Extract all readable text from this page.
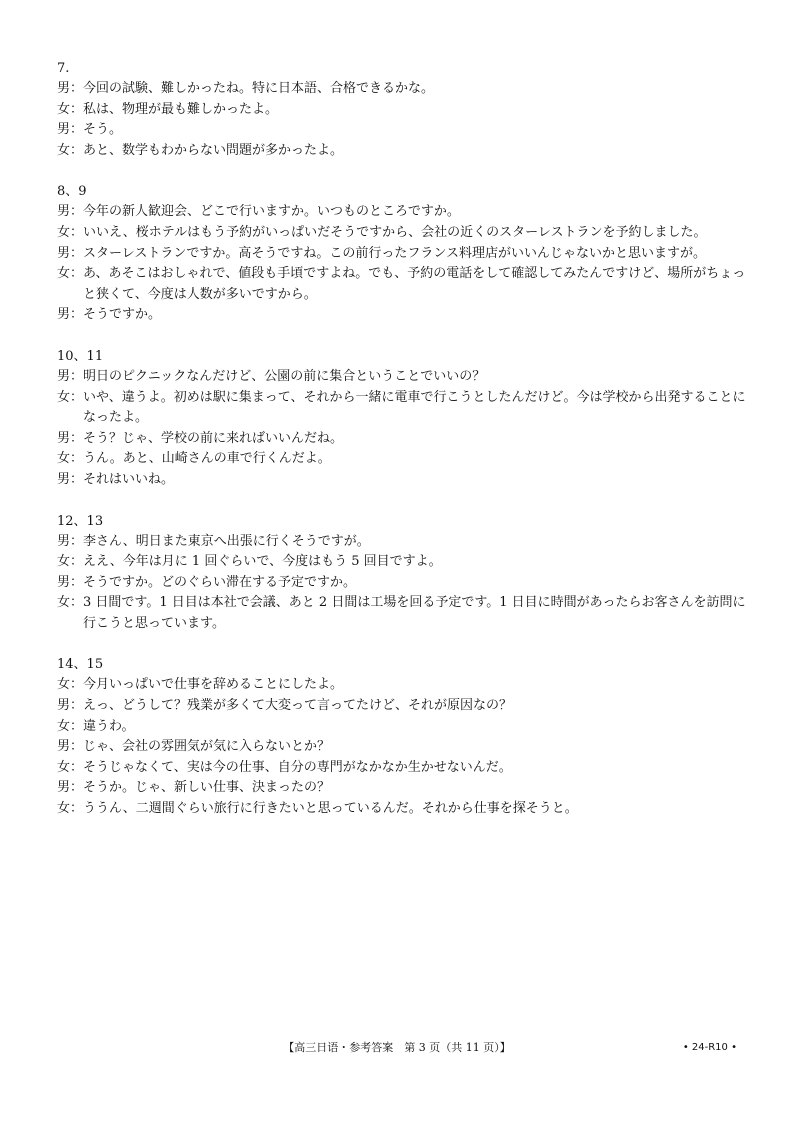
7.
男： 今回の試験、難しかったね。特に日本語、合格できるかな。
女： 私は、物理が最も難しかったよ。
男： そう。
女： あと、数学もわからない問題が多かったよ。
8、9
男： 今年の新人歓迎会、どこで行いますか。いつものところですか。
女： いいえ、桜ホテルはもう予約がいっぱいだそうですから、会社の近くのスターレストランを予約しました。
男： スターレストランですか。高そうですね。この前行ったフランス料理店がいいんじゃないかと思いますが。
女： あ、あそこはおしゃれで、値段も手頃ですよね。でも、予約の電話をして確認してみたんですけど、場所がちょっと狭くて、今度は人数が多いですから。
男： そうですか。
10、11
男： 明日のピクニックなんだけど、公園の前に集合ということでいいの？
女： いや、違うよ。初めは駅に集まって、それから一緒に電車で行こうとしたんだけど。今は学校から出発することになったよ。
男： そう？じゃ、学校の前に来ればいいんだね。
女： うん。あと、山崎さんの車で行くんだよ。
男： それはいいね。
12、13
男： 李さん、明日また東京へ出張に行くそうですが。
女： ええ、今年は月に 1 回ぐらいで、今度はもう 5 回目ですよ。
男： そうですか。どのぐらい滞在する予定ですか。
女： 3 日間です。1 日目は本社で会議、あと 2 日間は工場を回る予定です。1 日目に時間があったらお客さんを訪問に行こうと思っています。
14、15
女： 今月いっぱいで仕事を辞めることにしたよ。
男： えっ、どうして？残業が多くて大変って言ってたけど、それが原因なの？
女： 違うわ。
男： じゃ、会社の雰囲気が気に入らないとか？
女： そうじゃなくて、実は今の仕事、自分の専門がなかなか生かせないんだ。
男： そうか。じゃ、新しい仕事、決まったの？
女： ううん、二週間ぐらい旅行に行きたいと思っているんだ。それから仕事を探そうと。
【高三日语・参考答案　第 3 页（共 11 页）】	• 24-R10 •
